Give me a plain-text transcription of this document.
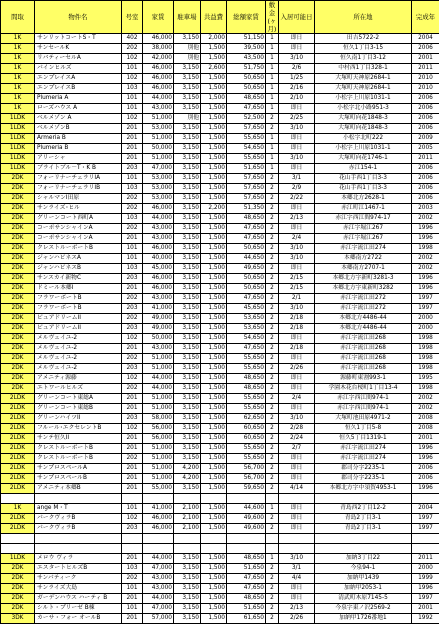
間取	物件名	号室	家賃	駐車場	共益費	総額家賃	敷金(ヶ月)	入居可能日	所在地	完成年
1K	サンリットコートS・T	402	46,000	3,150	2,000	51,150	1	即日	田吉5722-2	2004
1K	サンセールK	202	38,000	別他	1,500	39,500	1	即日	恒久1丁目3-15	2006
1K	リバティーセルA	102	42,000	別他	1,500	43,500	1	3/10	恒久南1丁目3-12	2001
1K	パインヒルズ	101	46,000	3,150	2,600	51,750	1	2/6	中村西1丁目328-1	2011
1K	エンプレイスA	102	46,000	3,150	1,500	50,650	1	1/25	大塚町天神原2684-1	2010
1K	エンプレイスB	103	46,000	3,150	1,500	50,650	1	2/16	大塚町天神原2684-1	2010
1K	Plumeria A	101	44,000	3,150	1,500	48,650	1	2/10	小松字上川原1031-1	2006
1K	ローズハウス A	101	43,000	3,150	1,500	47,650	1	即日	小松字北小路951-3	2006
1LDK	ベルメゾン A	102	51,000	別他	1,500	52,500	2	2/25	大塚町向花1848-3	2006
1LDK	ベルメゾンB	201	53,000	3,150	1,500	57,650	2	3/10	大塚町向花1848-3	2006
1LDK	Armeria B	201	51,000	3,150	1,500	55,650	1	即日	小松字北町222	2009
1LDK	Plumeria B	201	50,000	3,150	1,500	54,650	1	即日	小松字上川原1031-1	2005
1LDK	アリーシャ	201	51,000	3,150	1,500	55,650	1	3/10	大塚町向花1746-1	2011
1LDK	ブライトブル－T・K B	203	47,000	3,150	1,500	51,650	1	即日	赤江154-1	2006
2DK	フォーリナーチェラリIA	101	53,000	3,150	1,500	57,650	2	3/1	花山手西1丁目3-3	2006
2DK	フォーリナーチェラリIB	103	53,000	3,150	1,500	57,650	2	2/9	花山手西1丁目3-3	2006
2DK	シャルマンI田原	202	53,000	3,150	1,500	57,650	2	2/22	本郷北方2628-1	2006
2DK	サンライズ･ヒル	202	46,000	3,150	2,200	51,350	2	即日	赤江町江1467-1	2003
2DK	グリーンコート西町A	103	44,000	3,150	1,500	48,650	2	2/13	赤江字西江間974-17	2002
2DK	コーポサンシャインA	202	43,000	3,150	1,500	47,650	2	即日	赤江字堀江267	1996
2DK	コーポサンシャインA	201	43,000	3,150	1,500	47,650	2	2/4	赤江字堀江267	1996
2DK	クレストルーボートB	101	46,000	3,150	1,500	50,650	2	3/10	赤江字流江田274	1998
2DK	ジャンハピネスA	101	40,000	3,150	1,500	44,650	2	3/10	本郷南方2722	2002
2DK	ジャンハピネスB	103	45,000	3,150	1,500	49,650	2	即日	本郷南方2707-1	2002
2DK	サンスカイ新物C	203	46,000	3,150	1,500	50,650	2	2/15	本郷北方字新町3281-3	1996
2DK	ドミール本郷I	201	46,000	3,150	1,500	50,650	2	2/15	本郷北方字東新町3282	1996
2DK	フラワーボートB	202	43,000	3,150	1,500	47,650	2	2/1	赤江字流江田272	1997
2DK	フラワーボートB	203	41,000	3,150	1,500	45,650	2	3/10	赤江字流江田272	1997
2DK	ピュアドリームII	202	49,000	3,150	1,500	53,650	2	2/18	本郷北方4486-44	2000
2DK	ピュアドリームII	203	49,000	3,150	1,500	53,650	2	2/18	本郷北方4486-44	2000
2DK	メルヴェイユ-2	102	50,000	3,150	1,500	54,650	2	即日	赤江字流江田268	1998
2DK	メルヴェイユ-2	201	43,000	3,150	1,500	47,650	2	2/18	赤江字流江田268	1998
2DK	メルヴェイユ-2	202	51,000	3,150	1,500	55,650	2	即日	赤江字流江田268	1998
2DK	メルヴェイユ-2	203	51,000	3,150	1,500	55,650	2	2/26	赤江字流江田268	1998
2DK	アメニティ源藤	102	44,000	3,150	1,500	48,650	2	即日	源藤町東割993-1	1995
2DK	エトワールヒルズ	202	44,000	3,150	1,500	48,650	2	即日	学園木花台桜町1丁目13-4	1998
2LDK	グリーンコート東総A	201	51,000	3,150	1,500	55,650	2	2/4	赤江字西江間974-1	2002
2LDK	グリーンコート東総B	201	51,000	3,150	1,500	55,650	2	即日	赤江字西江間974-1	2002
2LDK	グリーンハイツII	203	58,000	3,150	1,500	62,650	2	3/10	大塚町池田原4971-2	2008
2LDK	フルール･エクセレントB	102	56,000	3,150	1,500	60,650	2	2/28	恒久1丁目5-8	2008
2LDK	サンテ恒久II	201	56,000	3,150	1,500	60,650	2	2/24	恒久5丁目1319-1	2001
2LDK	クレストルーボートB	201	51,000	3,150	1,500	55,650	2	2/7	赤江字流江田274	1996
2LDK	クレストルーボートB	202	51,000	3,150	1,500	55,650	2	即日	赤江字流江田274	1996
2LDK	サンプロスペールA	201	51,000	4,200	1,500	56,700	2	即日	郡司分字2235-1	2006
2LDK	サンプロスペールB	201	51,000	4,200	1,500	56,700	2	即日	郡司分字2235-1	2006
2LDK	アメニティ本郷B	201	55,000	3,150	1,500	59,650	2	4/14	本郷北方字中須賀4953-1	1996

1K	ange M・T	101	41,000	2,100	1,500	44,600	1	即日	青島西2丁目12-2	2004
2LDK	パークヴィラB	102	46,000	2,100	1,500	49,600	2	即日	青島2丁目3-1	1997
2LDK	パークヴィラB	203	46,000	2,100	1,500	49,600	2	即日	青島2丁目3-1	1997

1LDK	メロウ ヴィラ	201	44,000	3,150	1,500	48,650	1	3/10	加納3丁目22	2011
2DK	エスタートヒルズB	103	47,000	3,150	1,500	51,650	2	3/1	今泉94-1	2000
2DK	サンパティーク	202	43,000	3,150	1,500	47,650	2	4/4	加納甲1439	1999
2DK	サンライズ大島	101	43,000	3,150	1,500	47,650	2	即日	加納甲2053-1	1996
2DK	ガーデンハウス ハーティ B	201	44,000	3,150	1,500	48,650	2	即日	清武町木原7145-5	1997
2DK	シルト・プリーゼ B棟	101	47,000	3,150	1,500	51,650	2	2/13	今泉字東ノ沢2569-2	2001
3DK	カーサ・フォー オールB	201	57,000	3,150	1,500	61,650	2	2/26	加納甲1726番地1	1992
